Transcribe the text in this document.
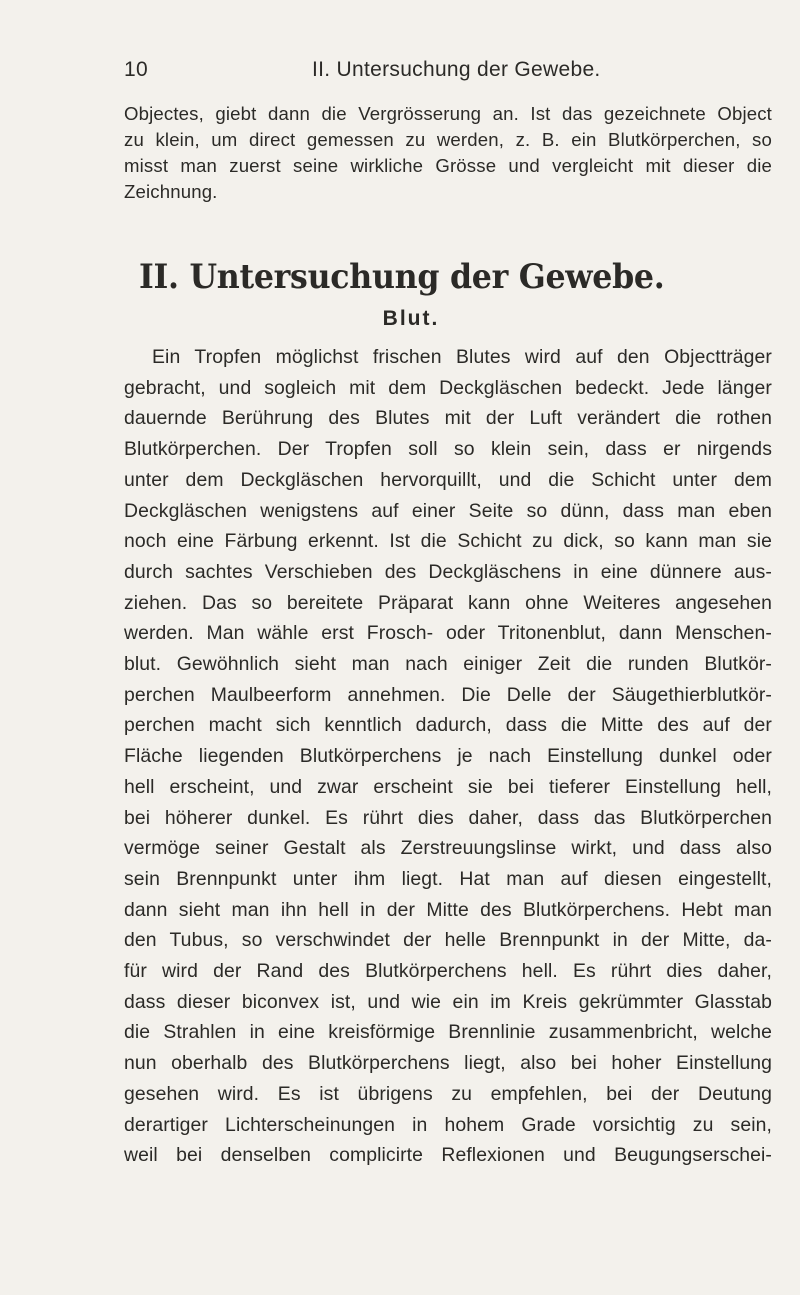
10	II. Untersuchung der Gewebe.
Objectes, giebt dann die Vergrösserung an. Ist das gezeichnete Object
zu klein, um direct gemessen zu werden, z. B. ein Blutkörperchen, so
misst man zuerst seine wirkliche Grösse und vergleicht mit dieser die
Zeichnung.
II. Untersuchung der Gewebe.
Blut.
Ein Tropfen möglichst frischen Blutes wird auf den Objectträger
gebracht, und sogleich mit dem Deckgläschen bedeckt. Jede länger
dauernde Berührung des Blutes mit der Luft verändert die rothen
Blutkörperchen. Der Tropfen soll so klein sein, dass er nirgends
unter dem Deckgläschen hervorquillt, und die Schicht unter dem
Deckgläschen wenigstens auf einer Seite so dünn, dass man eben
noch eine Färbung erkennt. Ist die Schicht zu dick, so kann man sie
durch sachtes Verschieben des Deckgläschens in eine dünnere aus-
ziehen. Das so bereitete Präparat kann ohne Weiteres angesehen
werden. Man wähle erst Frosch- oder Tritonenblut, dann Menschen-
blut. Gewöhnlich sieht man nach einiger Zeit die runden Blutkör-
perchen Maulbeerform annehmen. Die Delle der Säugethierblutkör-
perchen macht sich kenntlich dadurch, dass die Mitte des auf der
Fläche liegenden Blutkörperchens je nach Einstellung dunkel oder
hell erscheint, und zwar erscheint sie bei tieferer Einstellung hell,
bei höherer dunkel. Es rührt dies daher, dass das Blutkörperchen
vermöge seiner Gestalt als Zerstreuungslinse wirkt, und dass also
sein Brennpunkt unter ihm liegt. Hat man auf diesen eingestellt,
dann sieht man ihn hell in der Mitte des Blutkörperchens. Hebt man
den Tubus, so verschwindet der helle Brennpunkt in der Mitte, da-
für wird der Rand des Blutkörperchens hell. Es rührt dies daher,
dass dieser biconvex ist, und wie ein im Kreis gekrümmter Glasstab
die Strahlen in eine kreisförmige Brennlinie zusammenbricht, welche
nun oberhalb des Blutkörperchens liegt, also bei hoher Einstellung
gesehen wird. Es ist übrigens zu empfehlen, bei der Deutung
derartiger Lichterscheinungen in hohem Grade vorsichtig zu sein,
weil bei denselben complicirte Reflexionen und Beugungserschei-
